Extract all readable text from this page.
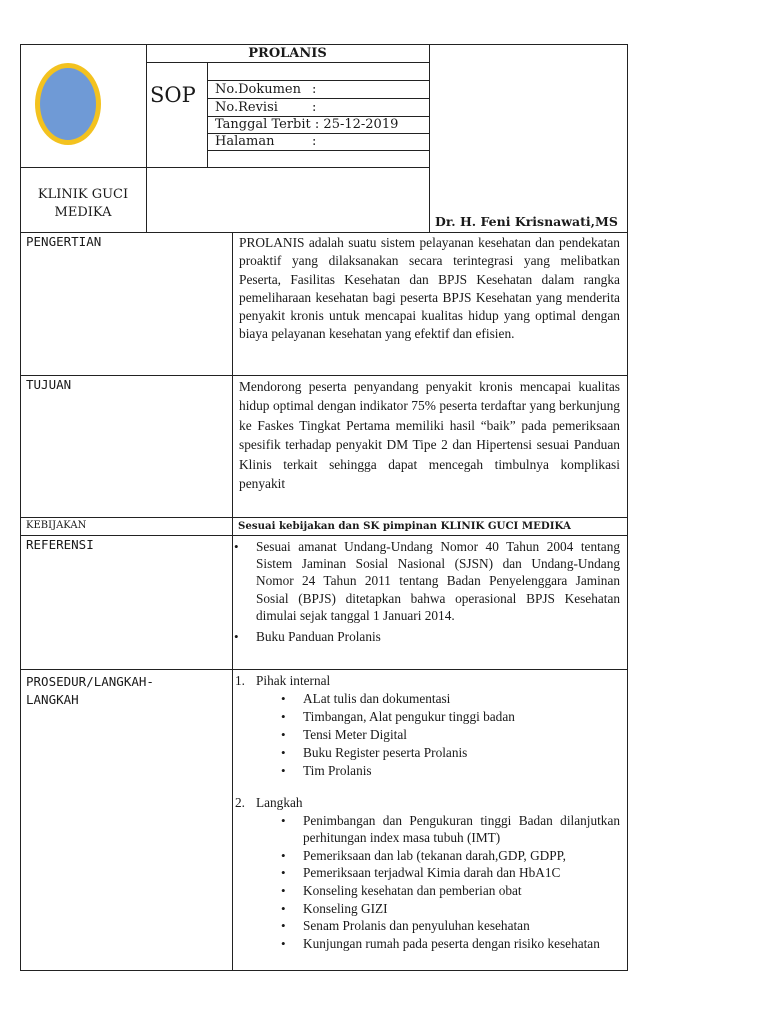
PROLANIS
SOP	No.Dokumen :
No.Revisi	:
Tanggal Terbit : 25-12-2019
Halaman	:
KLINIK GUCI
MEDIKA
Dr. H. Feni Krisnawati,MS
PENGERTIAN	PROLANIS adalah suatu sistem pelayanan kesehatan dan pendekatan proaktif yang dilaksanakan secara terintegrasi yang melibatkan Peserta, Fasilitas Kesehatan dan BPJS Kesehatan dalam rangka pemeliharaan kesehatan bagi peserta BPJS Kesehatan yang menderita penyakit kronis untuk mencapai kualitas hidup yang optimal dengan biaya pelayanan kesehatan yang efektif dan efisien.
TUJUAN	Mendorong peserta penyandang penyakit kronis mencapai kualitas hidup optimal dengan indikator 75% peserta terdaftar yang berkunjung ke Faskes Tingkat Pertama memiliki hasil “baik” pada pemeriksaan spesifik terhadap penyakit DM Tipe 2 dan Hipertensi sesuai Panduan Klinis terkait sehingga dapat mencegah timbulnya komplikasi penyakit
KEBIJAKAN	Sesuai kebijakan dan SK pimpinan KLINIK GUCI MEDIKA
REFERENSI	Sesuai amanat Undang-Undang Nomor 40 Tahun 2004 tentang Sistem Jaminan Sosial Nasional (SJSN) dan Undang-Undang Nomor 24 Tahun 2011 tentang Badan Penyelenggara Jaminan Sosial (BPJS) ditetapkan bahwa operasional BPJS Kesehatan dimulai sejak tanggal 1 Januari 2014.
Buku Panduan Prolanis
PROSEDUR/LANGKAH-
LANGKAH
1. Pihak internal
ALat tulis dan dokumentasi
Timbangan, Alat pengukur tinggi badan
Tensi Meter Digital
Buku Register peserta Prolanis
Tim Prolanis
2. Langkah
Penimbangan dan Pengukuran tinggi Badan dilanjutkan perhitungan index masa tubuh (IMT)
Pemeriksaan dan lab (tekanan darah,GDP, GDPP,
Pemeriksaan terjadwal Kimia darah dan HbA1C
Konseling kesehatan dan pemberian obat
Konseling GIZI
Senam Prolanis dan penyuluhan kesehatan
Kunjungan rumah pada peserta dengan risiko kesehatan
